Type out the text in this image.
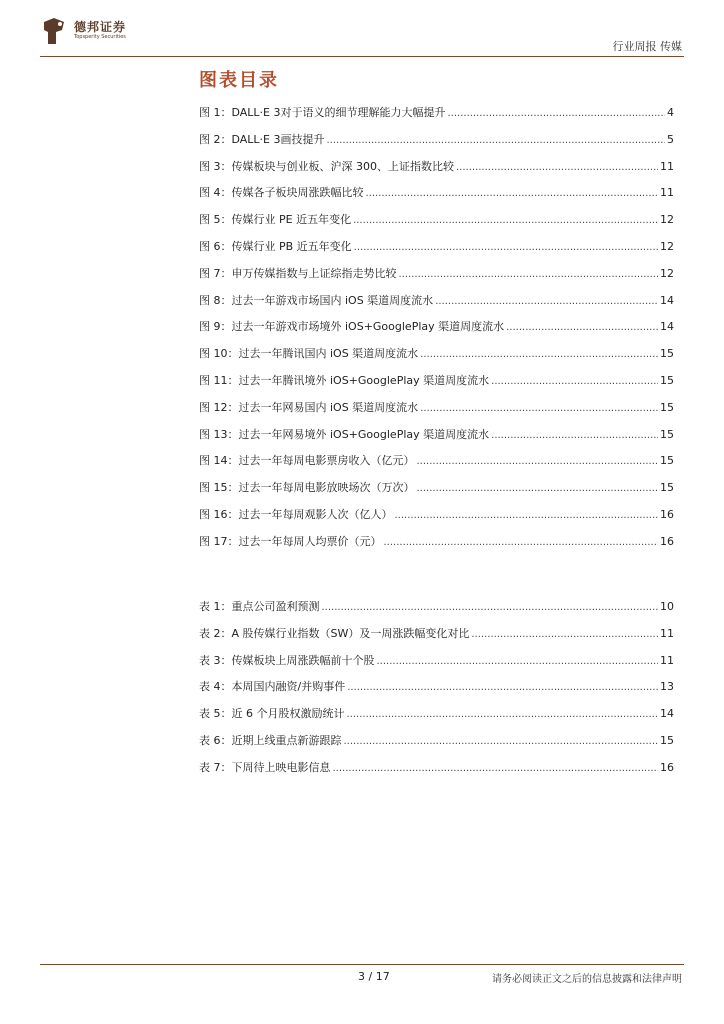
德邦证券
Topsperity Securities
行业周报 传媒
图表目录
图 1：DALL·E 3对于语义的细节理解能力大幅提升 .....	4
图 2：DALL·E 3画技提升 .....	5
图 3：传媒板块与创业板、沪深 300、上证指数比较 .....	11
图 4：传媒各子板块周涨跌幅比较 .....	11
图 5：传媒行业 PE 近五年变化 .....	12
图 6：传媒行业 PB 近五年变化 .....	12
图 7：申万传媒指数与上证综指走势比较 .....	12
图 8：过去一年游戏市场国内 iOS 渠道周度流水 .....	14
图 9：过去一年游戏市场境外 iOS+GooglePlay 渠道周度流水 .....	14
图 10：过去一年腾讯国内 iOS 渠道周度流水 .....	15
图 11：过去一年腾讯境外 iOS+GooglePlay 渠道周度流水 .....	15
图 12：过去一年网易国内 iOS 渠道周度流水 .....	15
图 13：过去一年网易境外 iOS+GooglePlay 渠道周度流水 .....	15
图 14：过去一年每周电影票房收入（亿元） .....	15
图 15：过去一年每周电影放映场次（万次） .....	15
图 16：过去一年每周观影人次（亿人） .....	16
图 17：过去一年每周人均票价（元） .....	16
表 1：重点公司盈利预测 .....	10
表 2：A 股传媒行业指数（SW）及一周涨跌幅变化对比 .....	11
表 3：传媒板块上周涨跌幅前十个股 .....	11
表 4：本周国内融资/并购事件 .....	13
表 5：近 6 个月股权激励统计 .....	14
表 6：近期上线重点新游跟踪 .....	15
表 7：下周待上映电影信息 .....	16
3 / 17	请务必阅读正文之后的信息披露和法律声明
